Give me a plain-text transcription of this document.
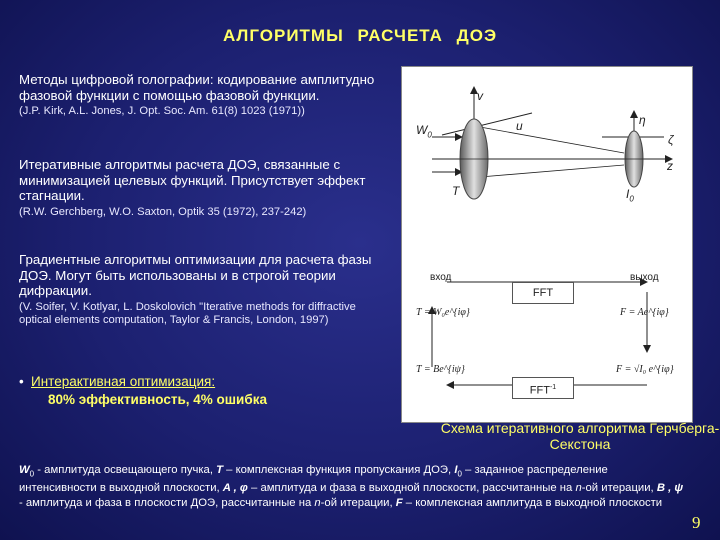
АЛГОРИТМЫ РАСЧЕТА ДОЭ
Методы цифровой голографии: кодирование амплитудно фазовой функции с помощью фазовой функции.
(J.P. Kirk, A.L. Jones, J. Opt. Soc. Am. 61(8) 1023 (1971))
Итеративные алгоритмы расчета ДОЭ, связанные с минимизацией целевых функций. Присутствует эффект стагнации.
(R.W. Gerchberg, W.O. Saxton, Optik 35 (1972), 237-242)
Градиентные алгоритмы оптимизации для расчета фазы ДОЭ. Могут быть использованы и в строгой теории дифракции.
(V. Soifer, V. Kotlyar, L. Doskolovich "Iterative methods for diffractive optical elements computation, Taylor & Francis, London, 1997)
• Интерактивная оптимизация:
80% эффективность, 4% ошибка
v
u	η
ζ
z
$W_0$
T	$I_0$
вход	выход
FFT
$FFT^{-1}$
T = W₀e^{iφ}	F = Ae^{iφ}
T = Be^{iψ}	F = √I₀ e^{iφ}
Схема итеративного алгоритма Герчберга-Секстона
$W_0$ - амплитуда освещающего пучка, T – комплексная функция пропускания ДОЭ, $I_0$ – заданное распределение интенсивности в выходной плоскости, A , φ – амплитуда и фаза в выходной плоскости, рассчитанные на n-ой итерации, B , ψ - амплитуда и фаза в плоскости ДОЭ, рассчитанные на n-ой итерации, F – комплексная амплитуда в выходной плоскости
9
